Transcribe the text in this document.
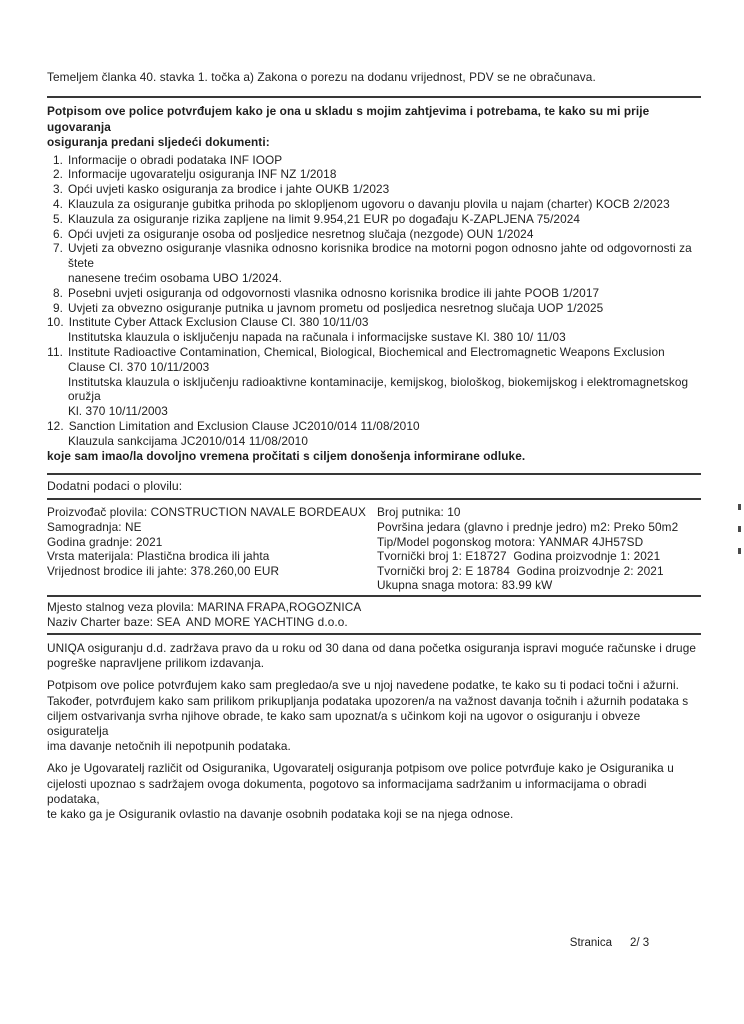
Temeljem članka 40. stavka 1. točka a) Zakona o porezu na dodanu vrijednost, PDV se ne obračunava.
Potpisom ove police potvrđujem kako je ona u skladu s mojim zahtjevima i potrebama, te kako su mi prije ugovaranja
osiguranja predani sljedeći dokumenti:
1. Informacije o obradi podataka INF IOOP
2. Informacije ugovaratelju osiguranja INF NZ 1/2018
3. Opći uvjeti kasko osiguranja za brodice i jahte OUKB 1/2023
4. Klauzula za osiguranje gubitka prihoda po sklopljenom ugovoru o davanju plovila u najam (charter) KOCB 2/2023
5. Klauzula za osiguranje rizika zapljene na limit 9.954,21 EUR po događaju K-ZAPLJENA 75/2024
6. Opći uvjeti za osiguranje osoba od posljedice nesretnog slučaja (nezgode) OUN 1/2024
7. Uvjeti za obvezno osiguranje vlasnika odnosno korisnika brodice na motorni pogon odnosno jahte od odgovornosti za štete
nanesene trećim osobama UBO 1/2024.
8. Posebni uvjeti osiguranja od odgovornosti vlasnika odnosno korisnika brodice ili jahte POOB 1/2017
9. Uvjeti za obvezno osiguranje putnika u javnom prometu od posljedica nesretnog slučaja UOP 1/2025
10. Institute Cyber Attack Exclusion Clause Cl. 380 10/11/03
Institutska klauzula o isključenju napada na računala i informacijske sustave Kl. 380 10/ 11/03
11. Institute Radioactive Contamination, Chemical, Biological, Biochemical and Electromagnetic Weapons Exclusion
Clause Cl. 370 10/11/2003
Institutska klauzula o isključenju radioaktivne kontaminacije, kemijskog, biološkog, biokemijskog i elektromagnetskog oružja
Kl. 370 10/11/2003
12. Sanction Limitation and Exclusion Clause JC2010/014 11/08/2010
Klauzula sankcijama JC2010/014 11/08/2010
koje sam imao/la dovoljno vremena pročitati s ciljem donošenja informirane odluke.
Dodatni podaci o plovilu:
Proizvođač plovila: CONSTRUCTION NAVALE BORDEAUX
Samogradnja: NE
Godina gradnje: 2021
Vrsta materijala: Plastična brodica ili jahta
Vrijednost brodice ili jahte: 378.260,00 EUR
Broj putnika: 10
Površina jedara (glavno i prednje jedro) m2: Preko 50m2
Tip/Model pogonskog motora: YANMAR 4JH57SD
Tvornički broj 1: E18727  Godina proizvodnje 1: 2021
Tvornički broj 2: E 18784  Godina proizvodnje 2: 2021
Ukupna snaga motora: 83.99 kW
Mjesto stalnog veza plovila: MARINA FRAPA,ROGOZNICA
Naziv Charter baze: SEA  AND MORE YACHTING d.o.o.
UNIQA osiguranju d.d. zadržava pravo da u roku od 30 dana od dana početka osiguranja ispravi moguće računske i druge
pogreške napravljene prilikom izdavanja.
Potpisom ove police potvrđujem kako sam pregledao/a sve u njoj navedene podatke, te kako su ti podaci točni i ažurni.
Također, potvrđujem kako sam prilikom prikupljanja podataka upozoren/a na važnost davanja točnih i ažurnih podataka s
ciljem ostvarivanja svrha njihove obrade, te kako sam upoznat/a s učinkom koji na ugovor o osiguranju i obveze osiguratelja
ima davanje netočnih ili nepotpunih podataka.
Ako je Ugovaratelj različit od Osiguranika, Ugovaratelj osiguranja potpisom ove police potvrđuje kako je Osiguranika u
cijelosti upoznao s sadržajem ovoga dokumenta, pogotovo sa informacijama sadržanim u informacijama o obradi podataka,
te kako ga je Osiguranik ovlastio na davanje osobnih podataka koji se na njega odnose.

Stranica 2/ 3
